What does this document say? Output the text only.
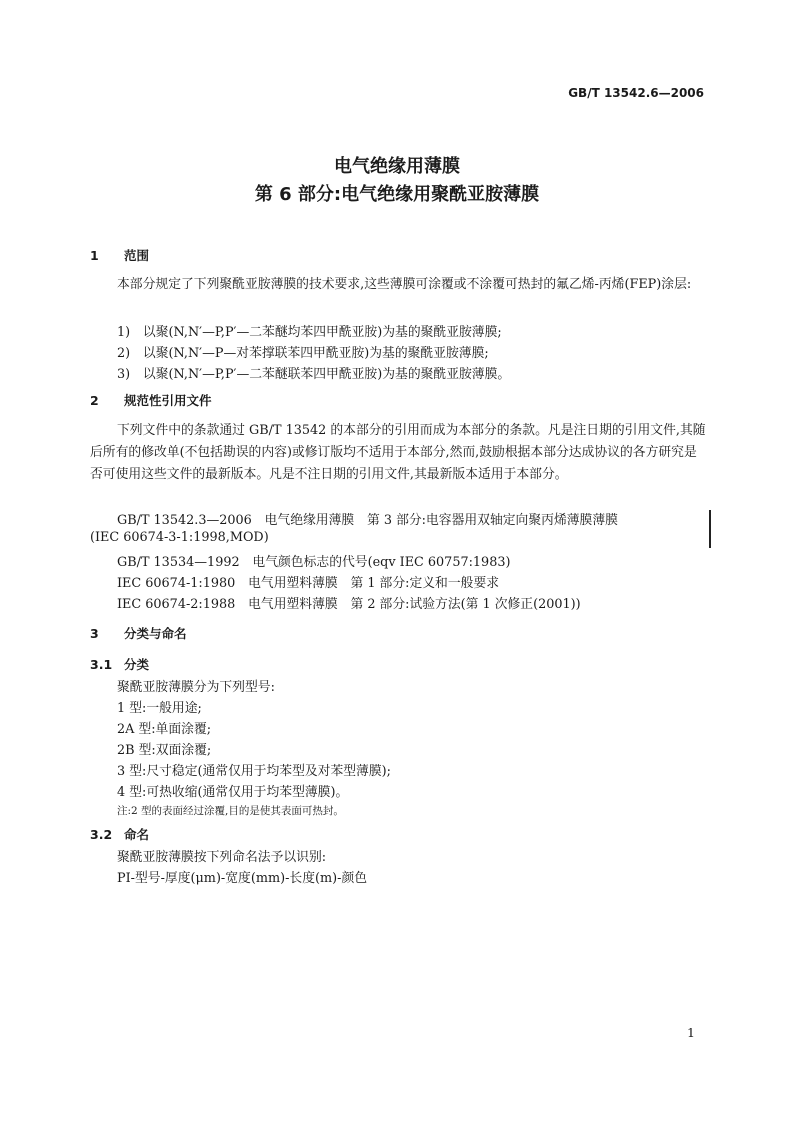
GB/T 13542.6—2006
电气绝缘用薄膜
第 6 部分:电气绝缘用聚酰亚胺薄膜
1 范围
本部分规定了下列聚酰亚胺薄膜的技术要求,这些薄膜可涂覆或不涂覆可热封的氟乙烯-丙烯(FEP)涂层:
1)　以聚(N,N′—P,P′—二苯醚均苯四甲酰亚胺)为基的聚酰亚胺薄膜;
2)　以聚(N,N′—P—对苯撑联苯四甲酰亚胺)为基的聚酰亚胺薄膜;
3)　以聚(N,N′—P,P′—二苯醚联苯四甲酰亚胺)为基的聚酰亚胺薄膜。
2 规范性引用文件
下列文件中的条款通过 GB/T 13542 的本部分的引用而成为本部分的条款。凡是注日期的引用文件,其随后所有的修改单(不包括勘误的内容)或修订版均不适用于本部分,然而,鼓励根据本部分达成协议的各方研究是否可使用这些文件的最新版本。凡是不注日期的引用文件,其最新版本适用于本部分。
GB/T 13542.3—2006　电气绝缘用薄膜　第 3 部分:电容器用双轴定向聚丙烯薄膜薄膜
(IEC 60674-3-1:1998,MOD)
GB/T 13534—1992　电气颜色标志的代号(eqv IEC 60757:1983)
IEC 60674-1:1980　电气用塑料薄膜　第 1 部分:定义和一般要求
IEC 60674-2:1988　电气用塑料薄膜　第 2 部分:试验方法(第 1 次修正(2001))
3 分类与命名
3.1 分类
聚酰亚胺薄膜分为下列型号:
1 型:一般用途;
2A 型:单面涂覆;
2B 型:双面涂覆;
3 型:尺寸稳定(通常仅用于均苯型及对苯型薄膜);
4 型:可热收缩(通常仅用于均苯型薄膜)。
注:2 型的表面经过涂覆,目的是使其表面可热封。
3.2 命名
聚酰亚胺薄膜按下列命名法予以识别:
PI-型号-厚度(μm)-宽度(mm)-长度(m)-颜色
1
